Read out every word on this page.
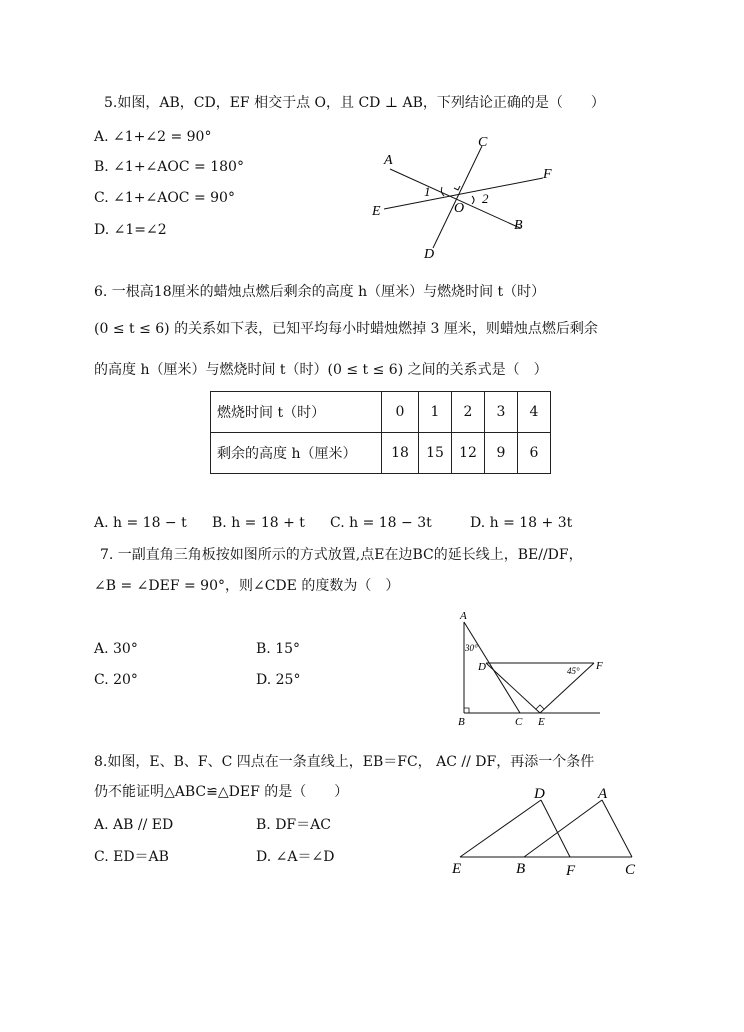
5.如图，AB，CD，EF 相交于点 O，且 CD ⊥ AB，下列结论正确的是（　　）
A. ∠1+∠2 = 90°
B. ∠1+∠AOC = 180°
C. ∠1+∠AOC = 90°
D. ∠1=∠2
A
C
F
E	O
B
D
1	2
6. 一根高18厘米的蜡烛点燃后剩余的高度 h（厘米）与燃烧时间 t（时）
(0 ≤ t ≤ 6) 的关系如下表，已知平均每小时蜡烛燃掉 3 厘米，则蜡烛点燃后剩余
的高度 h（厘米）与燃烧时间 t（时）(0 ≤ t ≤ 6) 之间的关系式是（　）
燃烧时间 t（时）	0	1	2	3	4
剩余的高度 h（厘米）	18	15	12	9	6
A. h = 18 − t B. h = 18 + t C. h = 18 − 3t	D. h = 18 + 3t
7. 一副直角三角板按如图所示的方式放置,点E在边BC的延长线上，BE//DF，
∠B = ∠DEF = 90°，则∠CDE 的度数为（　）
A. 30°	B. 15°
C. 20°	D. 25°
A
30°
D	45° F
B	C E
8.如图，E、B、F、C 四点在一条直线上，EB＝FC， AC // DF，再添一个条件
仍不能证明△ABC≌△DEF 的是（　　）
A. AB // ED	B. DF＝AC
C. ED＝AB	D. ∠A＝∠D
D	A
E	B	F	C
